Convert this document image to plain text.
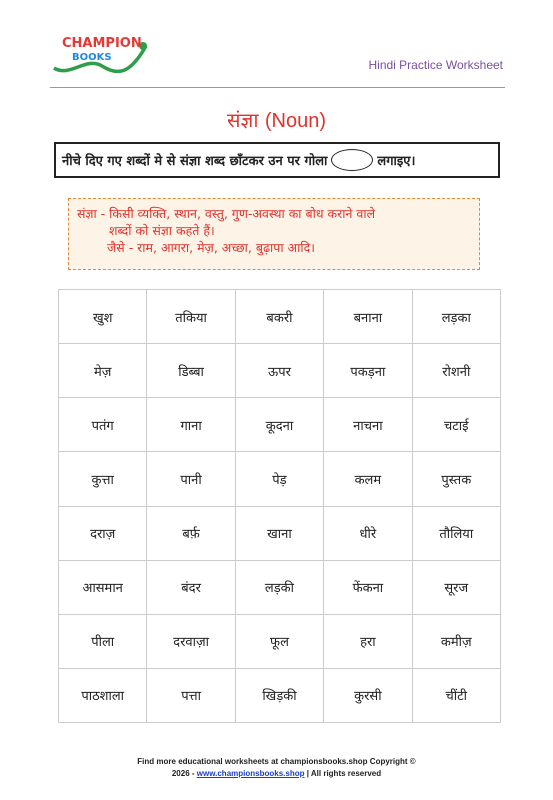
CHAMPION
BOOKS
Hindi Practice Worksheet
संज्ञा (Noun)
नीचे दिए गए शब्दों मे से संज्ञा शब्द छाँटकर उन पर गोला	लगाइए।
संज्ञा - किसी व्यक्ति, स्थान, वस्तु, गुण-अवस्था का बोध कराने वाले
शब्दों को संज्ञा कहते हैं।
जैसे - राम, आगरा, मेज़, अच्छा, बुढ़ापा आदि।
खुश	तकिया	बकरी	बनाना	लड़का
मेज़	डिब्बा	ऊपर	पकड़ना	रोशनी
पतंग	गाना	कूदना	नाचना	चटाई
कुत्ता	पानी	पेड़	कलम	पुस्तक
दराज़	बर्फ़	खाना	धीरे	तौलिया
आसमान	बंदर	लड़की	फेंकना	सूरज
पीला	दरवाज़ा	फूल	हरा	कमीज़
पाठशाला	पत्ता	खिड़की	कुरसी	चींटी
Find more educational worksheets at championsbooks.shop Copyright ©
2026 - www.championsbooks.shop | All rights reserved
